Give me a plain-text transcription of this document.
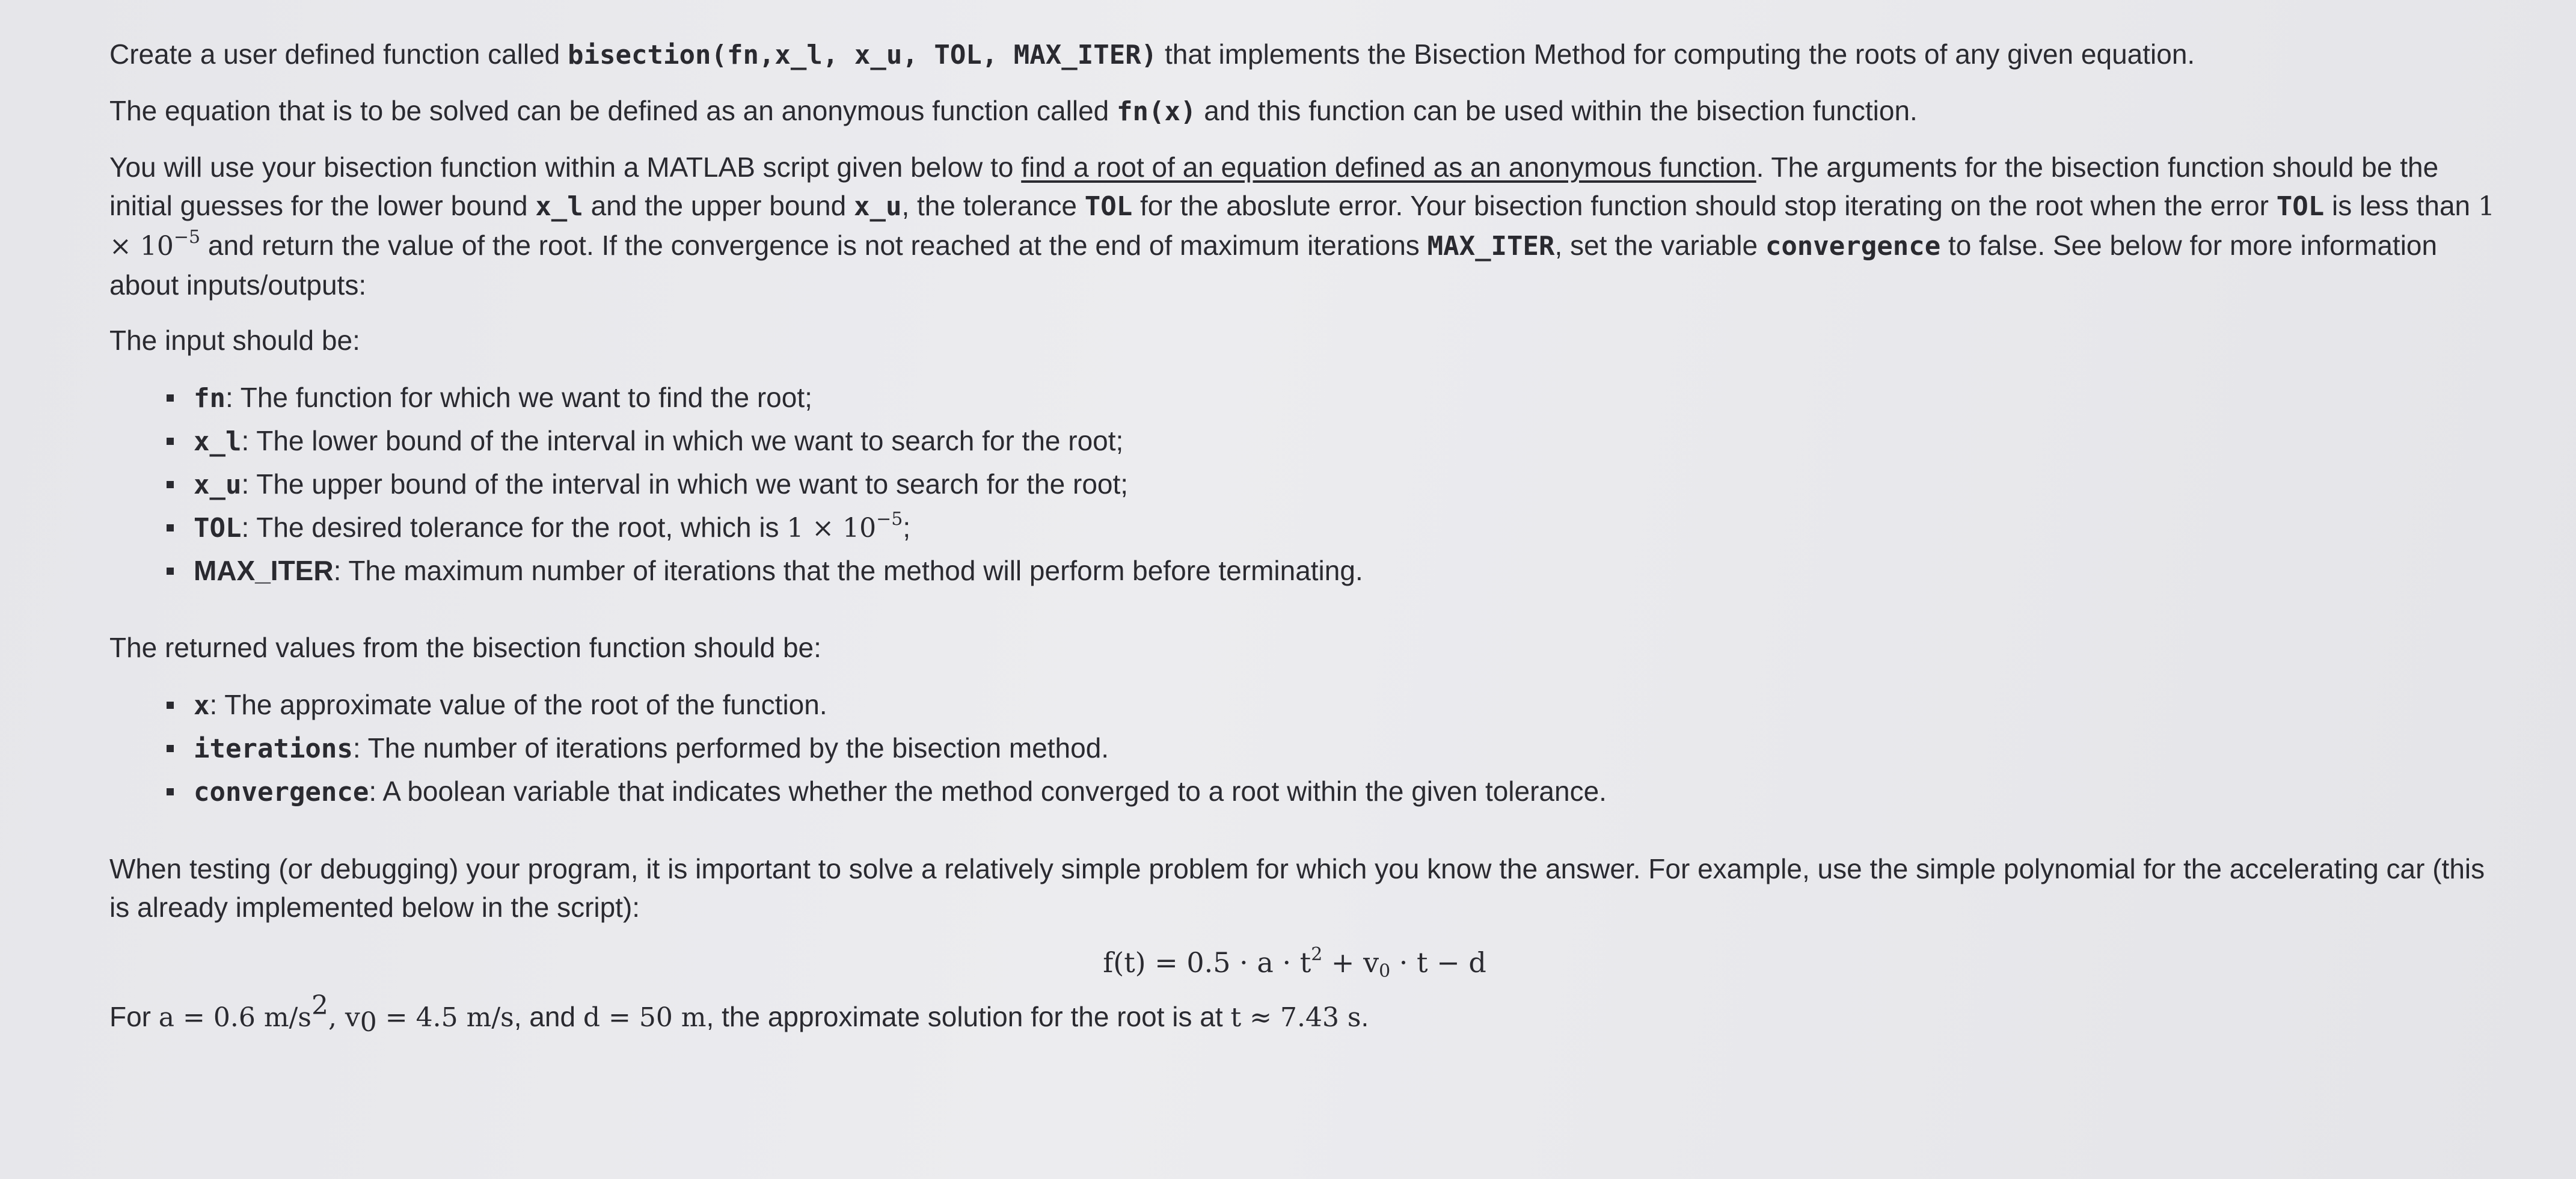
Create a user defined function called bisection(fn,x_l, x_u, TOL, MAX_ITER) that implements the Bisection Method for computing the roots of any given equation.

The equation that is to be solved can be defined as an anonymous function called fn(x) and this function can be used within the bisection function.

You will use your bisection function within a MATLAB script given below to find a root of an equation defined as an anonymous function. The arguments for the bisection function should be the initial guesses for the lower bound x_l and the upper bound x_u, the tolerance TOL for the aboslute error. Your bisection function should stop iterating on the root when the error TOL is less than $1 \times 10^{-5}$ and return the value of the root. If the convergence is not reached at the end of maximum iterations MAX_ITER, set the variable convergence to false. See below for more information about inputs/outputs:

The input should be:

fn: The function for which we want to find the root;
x_l: The lower bound of the interval in which we want to search for the root;
x_u: The upper bound of the interval in which we want to search for the root;
TOL: The desired tolerance for the root, which is $1 \times 10^{-5}$;
MAX_ITER: The maximum number of iterations that the method will perform before terminating.

The returned values from the bisection function should be:

x: The approximate value of the root of the function.
iterations: The number of iterations performed by the bisection method.
convergence: A boolean variable that indicates whether the method converged to a root within the given tolerance.

When testing (or debugging) your program, it is important to solve a relatively simple problem for which you know the answer. For example, use the simple polynomial for the accelerating car (this is already implemented below in the script):

$f(t) = 0.5 \cdot a \cdot t^2 + v_0 \cdot t - d$

For a = 0.6 $m/s^2$, $v_0 = 4.5$ m/s, and d = 50 m, the approximate solution for the root is at t ≈ 7.43 s.
